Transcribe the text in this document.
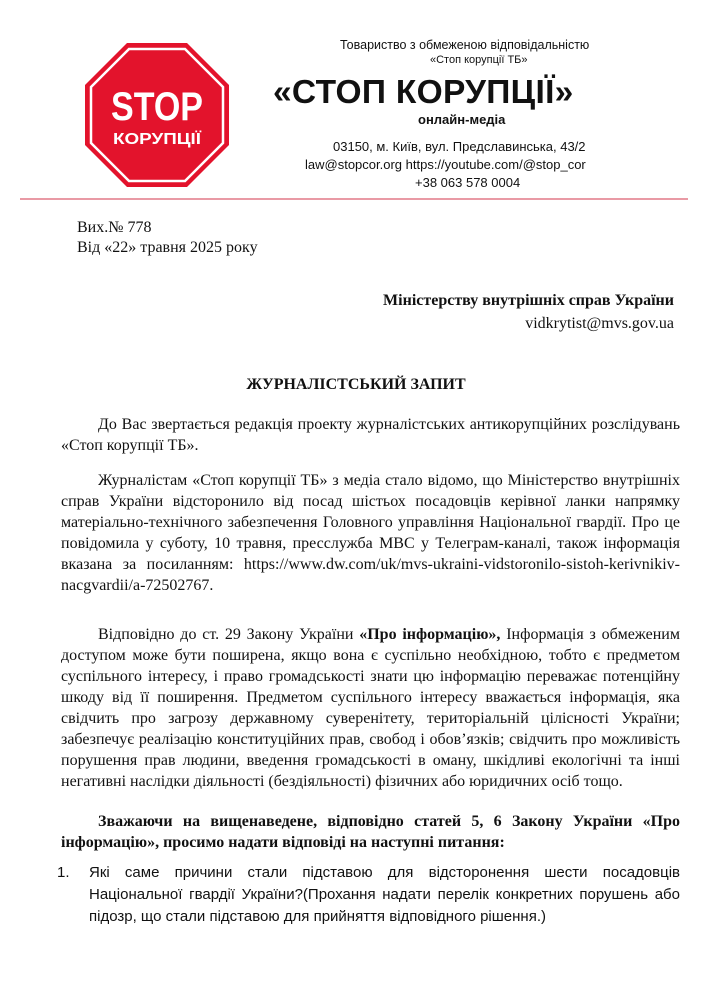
STOP
КОРУПЦІЇ
Товариство з обмеженою відповідальністю
«Стоп корупції ТБ»
«СТОП КОРУПЦІЇ»
онлайн-медіа
03150, м. Київ, вул. Предславинська, 43/2
law@stopcor.org https://youtube.com/@stop_cor
+38 063 578 0004
Вих.№ 778
Від «22» травня 2025 року
Міністерству внутрішніх справ України
vidkrytist@mvs.gov.ua
ЖУРНАЛІСТСЬКИЙ ЗАПИТ
До Вас звертається редакція проекту журналістських антикорупційних розслідувань «Стоп корупції ТБ».
Журналістам «Стоп корупції ТБ» з медіа стало відомо, що Міністерство внутрішніх справ України відсторонило від посад шістьох посадовців керівної ланки напрямку матеріально-технічного забезпечення Головного управління Національної гвардії. Про це повідомила у суботу, 10 травня, пресслужба МВС у Телеграм-каналі, також інформація вказана за посиланням: https://www.dw.com/uk/mvs-ukraini-vidstoronilo-sistoh-kerivnikiv-nacgvardii/a-72502767.
Відповідно до ст. 29 Закону України «Про інформацію», Інформація з обмеженим доступом може бути поширена, якщо вона є суспільно необхідною, тобто є предметом суспільного інтересу, і право громадськості знати цю інформацію переважає потенційну шкоду від її поширення. Предметом суспільного інтересу вважається інформація, яка свідчить про загрозу державному суверенітету, територіальній цілісності України; забезпечує реалізацію конституційних прав, свобод і обов’язків; свідчить про можливість порушення прав людини, введення громадськості в оману, шкідливі екологічні та інші негативні наслідки діяльності (бездіяльності) фізичних або юридичних осіб тощо.
Зважаючи на вищенаведене, відповідно статей 5, 6 Закону України «Про інформацію», просимо надати відповіді на наступні питання:
1. Які саме причини стали підставою для відсторонення шести посадовців Національної гвардії України?(Прохання надати перелік конкретних порушень або підозр, що стали підставою для прийняття відповідного рішення.)
